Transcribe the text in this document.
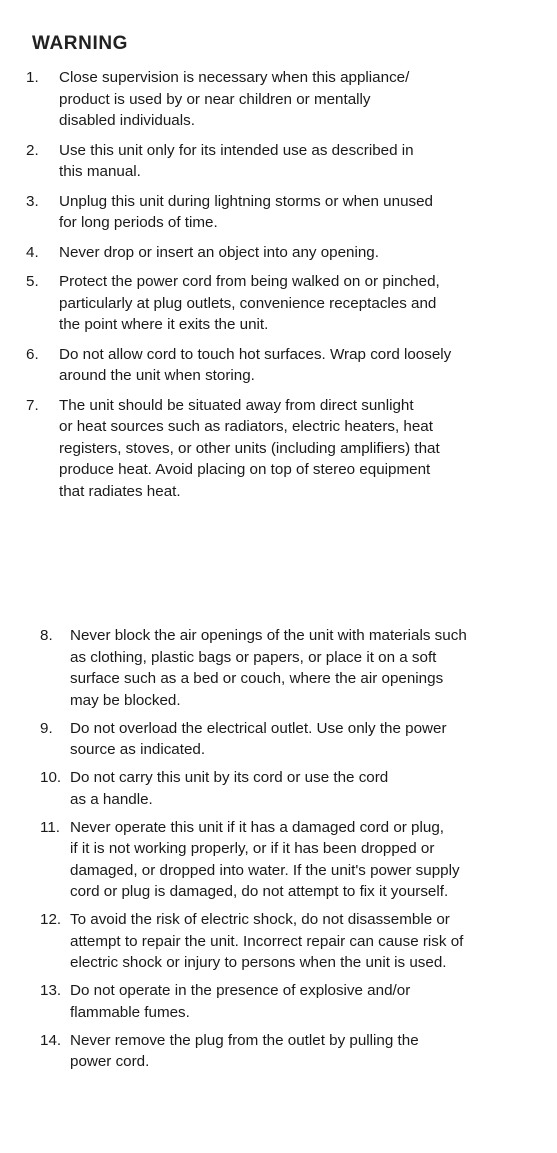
WARNING
1.	Close supervision is necessary when this appliance/
product is used by or near children or mentally
disabled individuals.
2.	Use this unit only for its intended use as described in
this manual.
3.	Unplug this unit during lightning storms or when unused
for long periods of time.
4.	Never drop or insert an object into any opening.
5.	Protect the power cord from being walked on or pinched,
particularly at plug outlets, convenience receptacles and
the point where it exits the unit.
6.	Do not allow cord to touch hot surfaces. Wrap cord loosely
around the unit when storing.
7.	The unit should be situated away from direct sunlight
or heat sources such as radiators, electric heaters, heat
registers, stoves, or other units (including amplifiers) that
produce heat. Avoid placing on top of stereo equipment
that radiates heat.
8.	Never block the air openings of the unit with materials such
as clothing, plastic bags or papers, or place it on a soft
surface such as a bed or couch, where the air openings
may be blocked.
9.	Do not overload the electrical outlet. Use only the power
source as indicated.
10. Do not carry this unit by its cord or use the cord
as a handle.
11. Never operate this unit if it has a damaged cord or plug,
if it is not working properly, or if it has been dropped or
damaged, or dropped into water. If the unit's power supply
cord or plug is damaged, do not attempt to fix it yourself.
12. To avoid the risk of electric shock, do not disassemble or
attempt to repair the unit. Incorrect repair can cause risk of
electric shock or injury to persons when the unit is used.
13. Do not operate in the presence of explosive and/or
flammable fumes.
14. Never remove the plug from the outlet by pulling the
power cord.
